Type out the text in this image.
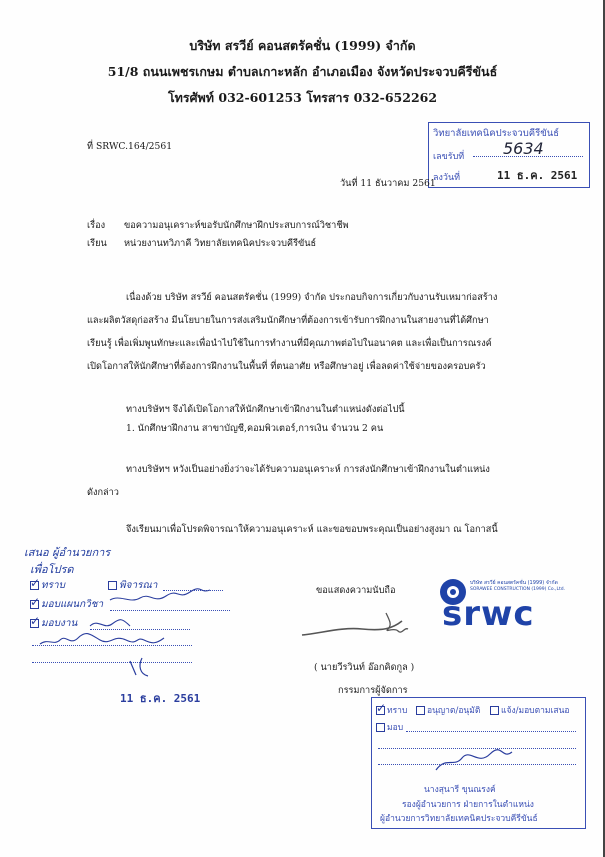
บริษัท สรวีย์ คอนสตรัคชั่น (1999) จำกัด
51/8 ถนนเพชรเกษม ตำบลเกาะหลัก อำเภอเมือง จังหวัดประจวบคีรีขันธ์
โทรศัพท์ 032-601253 โทรสาร 032-652262
ที่ SRWC.164/2561
วิทยาลัยเทคนิคประจวบคีรีขันธ์
เลขรับที่ 5634
ลงวันที่	11 ธ.ค. 2561
วันที่ 11 ธันวาคม 2561
เรื่อง ขอความอนุเคราะห์ขอรับนักศึกษาฝึกประสบการณ์วิชาชีพ
เรียน หน่วยงานทวิภาคี วิทยาลัยเทคนิคประจวบคีรีขันธ์
เนื่องด้วย บริษัท สรวีย์ คอนสตรัคชั่น (1999) จำกัด ประกอบกิจการเกี่ยวกับงานรับเหมาก่อสร้าง
และผลิตวัสดุก่อสร้าง มีนโยบายในการส่งเสริมนักศึกษาที่ต้องการเข้ารับการฝึกงานในสายงานที่ได้ศึกษา
เรียนรู้ เพื่อเพิ่มพูนทักษะและเพื่อนำไปใช้ในการทำงานที่มีคุณภาพต่อไปในอนาคต และเพื่อเป็นการณรงค์
เปิดโอกาสให้นักศึกษาที่ต้องการฝึกงานในพื้นที่ ที่ตนอาศัย หรือศึกษาอยู่ เพื่อลดค่าใช้จ่ายของครอบครัว
ทางบริษัทฯ จึงได้เปิดโอกาสให้นักศึกษาเข้าฝึกงานในตำแหน่งดังต่อไปนี้
1. นักศึกษาฝึกงาน สาขาบัญชี,คอมพิวเตอร์,การเงิน จำนวน 2 คน
ทางบริษัทฯ หวังเป็นอย่างยิ่งว่าจะได้รับความอนุเคราะห์ การส่งนักศึกษาเข้าฝึกงานในตำแหน่ง
ดังกล่าว
จึงเรียนมาเพื่อโปรดพิจารณาให้ความอนุเคราะห์ และขอขอบพระคุณเป็นอย่างสูงมา ณ โอกาสนี้
เสนอ ผู้อำนวยการ
เพื่อโปรด
✓ทราบ	พิจารณา
✓มอบแผนกวิชา
✓มอบงาน
11 ธ.ค. 2561
ขอแสดงความนับถือ
( นายวีรวินท์ อ๊อกคิดกูล )
กรรมการผู้จัดการ
บริษัท สรวีย์ คอนสตรัคชั่น (1999) จำกัด
SORAWEE CONSTRUCTION (1999) Co.,Ltd.
srwc
✓ทราบ	อนุญาต/อนุมัติ	แจ้ง/มอบตามเสนอ
มอบ
นางสุนารี ขุนณรงค์
รองผู้อำนวยการ ฝ่ายการในตำแหน่ง
ผู้อำนวยการวิทยาลัยเทคนิคประจวบคีรีขันธ์
